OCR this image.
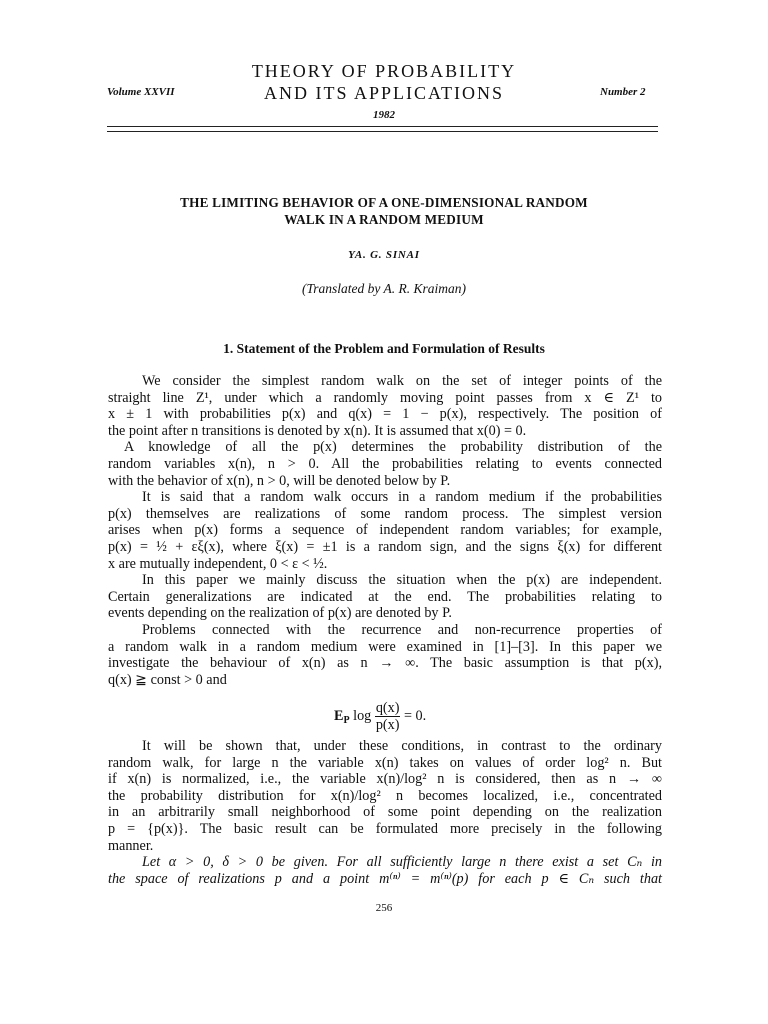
THEORY OF PROBABILITY
AND ITS APPLICATIONS
Volume XXVII	Number 2
1982
THE LIMITING BEHAVIOR OF A ONE-DIMENSIONAL RANDOM
WALK IN A RANDOM MEDIUM
YA. G. SINAI
(Translated by A. R. Kraiman)
1. Statement of the Problem and Formulation of Results
We consider the simplest random walk on the set of integer points of the
straight line Z¹, under which a randomly moving point passes from x ∈ Z¹ to
x ± 1 with probabilities p(x) and q(x) = 1 − p(x), respectively. The position of
the point after n transitions is denoted by x(n). It is assumed that x(0) = 0.
A knowledge of all the p(x) determines the probability distribution of the
random variables x(n), n > 0. All the probabilities relating to events connected
with the behavior of x(n), n > 0, will be denoted below by P.
It is said that a random walk occurs in a random medium if the probabilities
p(x) themselves are realizations of some random process. The simplest version
arises when p(x) forms a sequence of independent random variables; for example,
p(x) = ½ + εξ(x), where ξ(x) = ±1 is a random sign, and the signs ξ(x) for different
x are mutually independent, 0 < ε < ½.
In this paper we mainly discuss the situation when the p(x) are independent.
Certain generalizations are indicated at the end. The probabilities relating to
events depending on the realization of p(x) are denoted by P.
Problems connected with the recurrence and non-recurrence properties of
a random walk in a random medium were examined in [1]–[3]. In this paper we
investigate the behaviour of x(n) as n → ∞. The basic assumption is that p(x),
q(x) ≧ const > 0 and
$E_P$ $\log \frac{q(x)}{p(x)} = 0$.
It will be shown that, under these conditions, in contrast to the ordinary
random walk, for large n the variable x(n) takes on values of order log² n. But
if x(n) is normalized, i.e., the variable x(n)/log² n is considered, then as n → ∞
the probability distribution for x(n)/log² n becomes localized, i.e., concentrated
in an arbitrarily small neighborhood of some point depending on the realization
p = {p(x)}. The basic result can be formulated more precisely in the following
manner.
Let α > 0, δ > 0 be given. For all sufficiently large n there exist a set Cₙ in
the space of realizations p and a point m⁽ⁿ⁾ = m⁽ⁿ⁾(p) for each p ∈ Cₙ such that
256
